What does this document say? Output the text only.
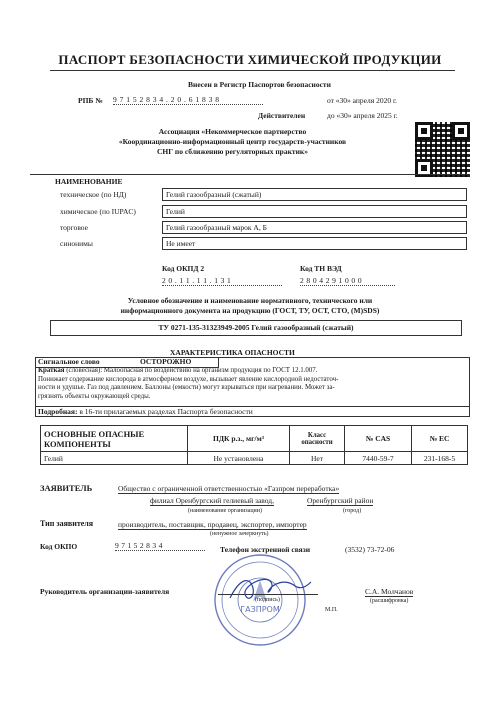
ПАСПОРТ БЕЗОПАСНОСТИ ХИМИЧЕСКОЙ ПРОДУКЦИИ
Внесен в Регистр Паспортов безопасности
РПБ № 9 7 1 5 2 8 3 4 . 2 0 . 6 1 8 3 8	от «30» апреля 2020 г.
Действителен	до «30» апреля 2025 г.
Ассоциация «Некоммерческое партнерство
«Координационно-информационный центр государств-участников
СНГ по сближению регуляторных практик»
НАИМЕНОВАНИЕ
техническое (по НД)	Гелий газообразный (сжатый)
химическое (по IUPAC)	Гелий
торговое	Гелий газообразный марок А, Б
синонимы	Не имеет
Код ОКПД 2
2 0 . 1 1 . 1 1 . 1 3 1
Код ТН ВЭД
2 8 0 4 2 9 1 0 0 0
Условное обозначение и наименование нормативного, технического или
информационного документа на продукцию (ГОСТ, ТУ, ОСТ, СТО, (М)SDS)
ТУ 0271-135-31323949-2005 Гелий газообразный (сжатый)
ХАРАКТЕРИСТИКА ОПАСНОСТИ
Сигнальное слово	ОСТОРОЖНО
Краткая (словесная): Малоопасная по воздействию на организм продукция по ГОСТ 12.1.007.
Понижает содержание кислорода в атмосферном воздухе, вызывает явление кислородной недостаточ-
ности и удушье. Газ под давлением. Баллоны (емкости) могут взрываться при нагревании. Может за-
грязнять объекты окружающей среды.
Подробная: в 16-ти прилагаемых разделах Паспорта безопасности
ОСНОВНЫЕ ОПАСНЫЕ КОМПОНЕНТЫ	ПДК р.з., мг/м³	Класс опасности	№ CAS	№ ЕС
Гелий	Не установлена	Нет	7440-59-7	231-168-5
ЗАЯВИТЕЛЬ	Общество с ограниченной ответственностью «Газпром переработка»
филиал Оренбургский гелиевый завод,	Оренбургский район
(наименование организации)	(город)
Тип заявителя	производитель, поставщик, продавец, экспортер, импортер
(ненужное зачеркнуть)
Код ОКПО	9 7 1 5 2 8 3 4	Телефон экстренной связи	(3532) 73-72-06
ГАЗПРОМ
Руководитель организации-заявителя
(подпись)
С.А. Молчанов
(расшифровка)
М.П.
